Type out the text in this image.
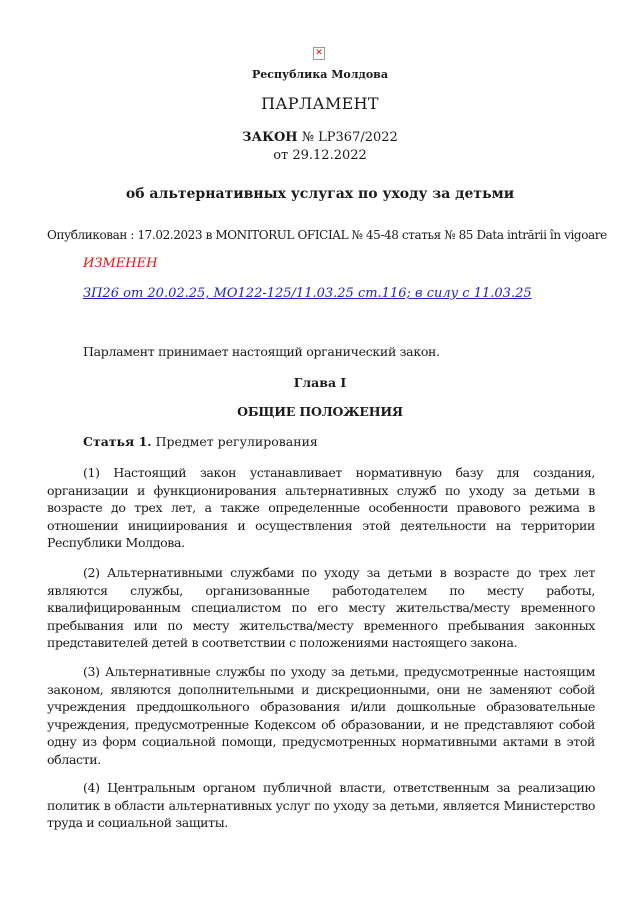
✕
Республика Молдова
ПАРЛАМЕНТ
ЗАКОН № LP367/2022
от 29.12.2022
об альтернативных услугах по уходу за детьми
Опубликован : 17.02.2023 в MONITORUL OFICIAL № 45-48 статья № 85 Data intrării în vigoare
ИЗМЕНЕН
ЗП26 от 20.02.25, МО122-125/11.03.25 ст.116; в силу с 11.03.25
Парламент принимает настоящий органический закон.
Глава I
ОБЩИЕ ПОЛОЖЕНИЯ
Статья 1. Предмет регулирования
(1) Настоящий закон устанавливает нормативную базу для создания, организации и функционирования альтернативных служб по уходу за детьми в возрасте до трех лет, а также определенные особенности правового режима в отношении инициирования и осуществления этой деятельности на территории Республики Молдова.
(2) Альтернативными службами по уходу за детьми в возрасте до трех лет являются службы, организованные работодателем по месту работы, квалифицированным специалистом по его месту жительства/месту временного пребывания или по месту жительства/месту временного пребывания законных представителей детей в соответствии с положениями настоящего закона.
(3) Альтернативные службы по уходу за детьми, предусмотренные настоящим законом, являются дополнительными и дискреционными, они не заменяют собой учреждения преддошкольного образования и/или дошкольные образовательные учреждения, предусмотренные Кодексом об образовании, и не представляют собой одну из форм социальной помощи, предусмотренных нормативными актами в этой области.
(4) Центральным органом публичной власти, ответственным за реализацию политик в области альтернативных услуг по уходу за детьми, является Министерство труда и социальной защиты.
